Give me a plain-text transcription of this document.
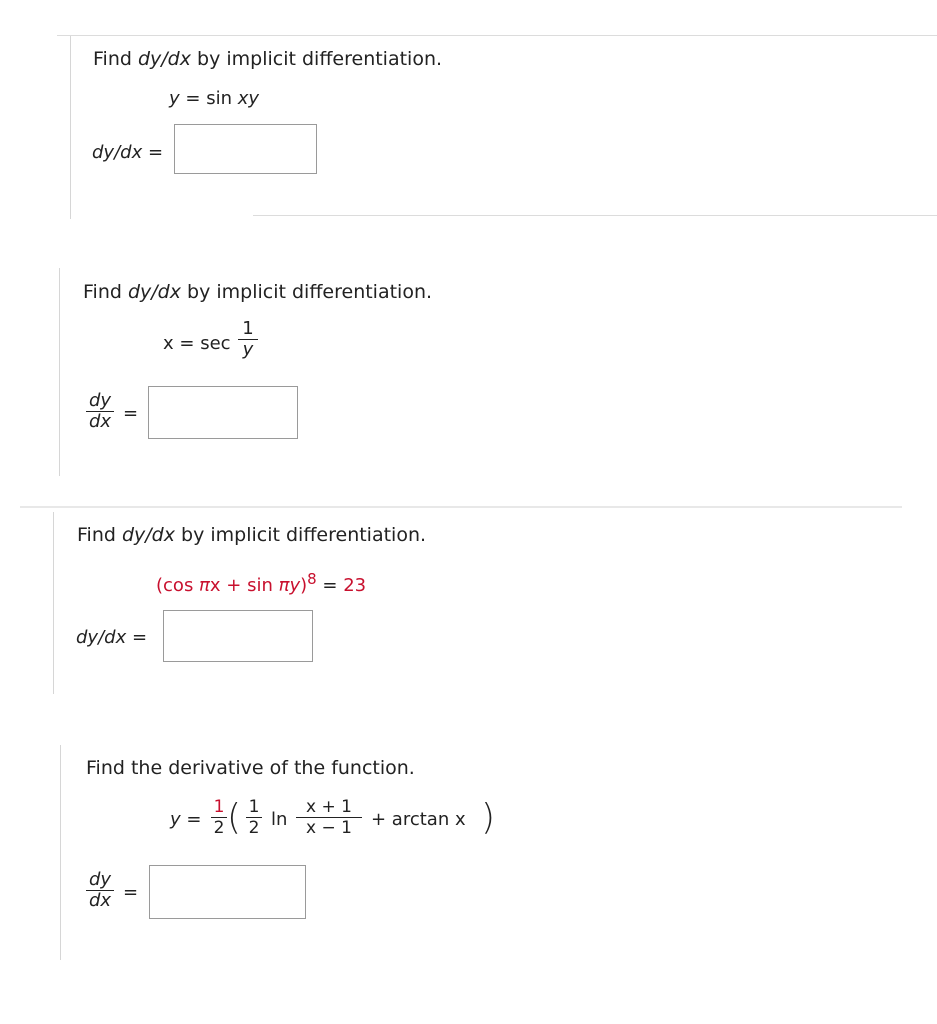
Find dy/dx by implicit differentiation.
y = sin xy
dy/dx =
Find dy/dx by implicit differentiation.
x = sec
1
y
dy
dx =
Find dy/dx by implicit differentiation.
(cos πx + sin πy)$^8$ = 23
dy/dx =
Find the derivative of the function.
y =
1
2 ( 1
2 ln
x + 1
x − 1	+ arctan x )
dy
dx =
